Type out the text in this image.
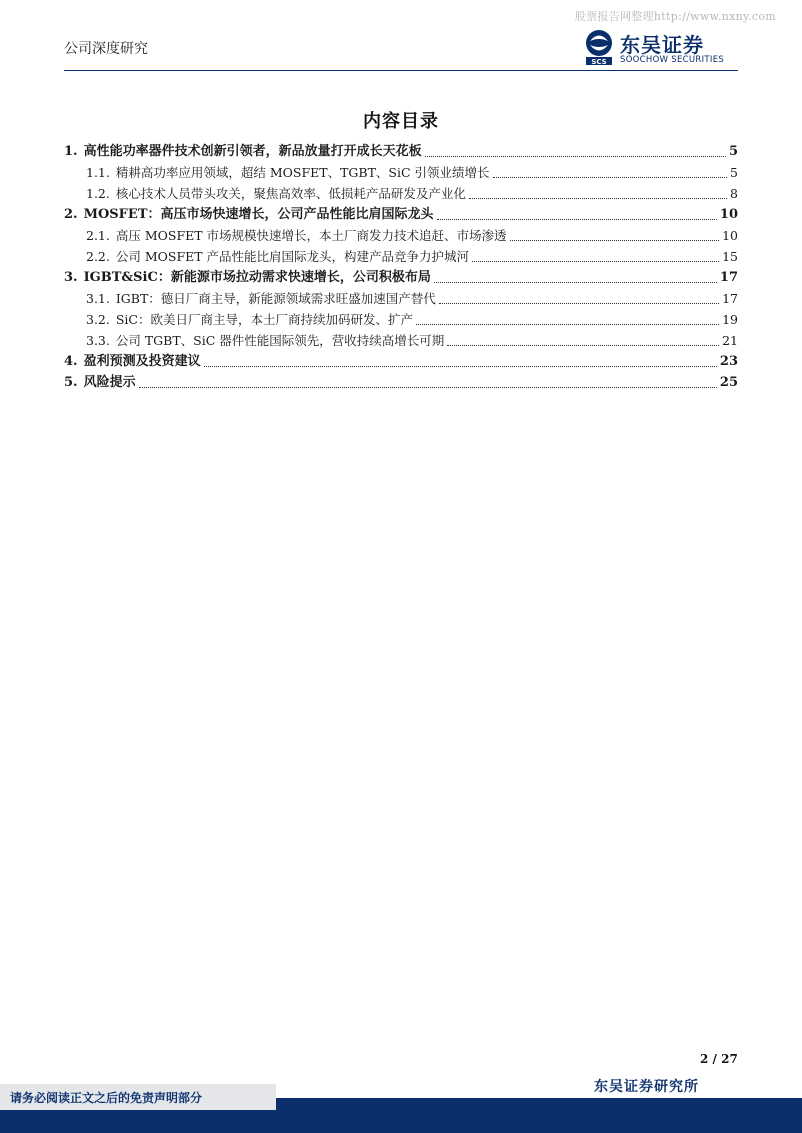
股票报告网整理http://www.nxny.com
公司深度研究
SCS
东吴证券
SOOCHOW SECURITIES
内容目录
1. 高性能功率器件技术创新引领者，新品放量打开成长天花板	5
1.1. 精耕高功率应用领域，超结 MOSFET、TGBT、SiC 引领业绩增长	5
1.2. 核心技术人员带头攻关，聚焦高效率、低损耗产品研发及产业化	8
2. MOSFET：高压市场快速增长，公司产品性能比肩国际龙头	10
2.1. 高压 MOSFET 市场规模快速增长，本土厂商发力技术追赶、市场渗透	10
2.2. 公司 MOSFET 产品性能比肩国际龙头，构建产品竞争力护城河	15
3. IGBT&SiC：新能源市场拉动需求快速增长，公司积极布局	17
3.1. IGBT：德日厂商主导，新能源领域需求旺盛加速国产替代	17
3.2. SiC：欧美日厂商主导，本土厂商持续加码研发、扩产	19
3.3. 公司 TGBT、SiC 器件性能国际领先，营收持续高增长可期	21
4. 盈利预测及投资建议	23
5. 风险提示	25
2 / 27
东吴证券研究所
请务必阅读正文之后的免责声明部分
